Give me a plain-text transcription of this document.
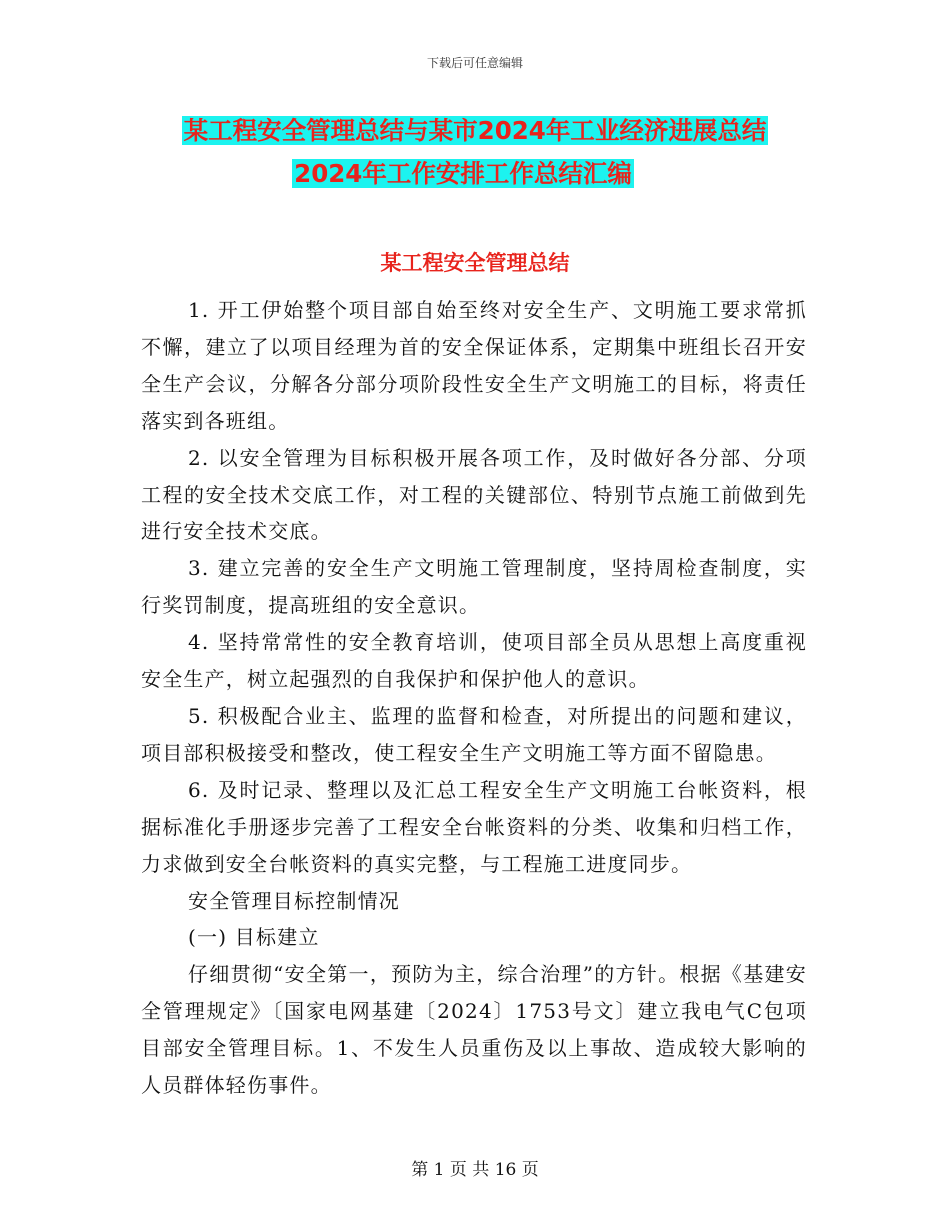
下载后可任意编辑
某工程安全管理总结与某市2024年工业经济进展总结
2024年工作安排工作总结汇编
某工程安全管理总结

1. 开工伊始整个项目部自始至终对安全生产、文明施工要求常抓不懈，建立了以项目经理为首的安全保证体系，定期集中班组长召开安全生产会议，分解各分部分项阶段性安全生产文明施工的目标，将责任落实到各班组。

2. 以安全管理为目标积极开展各项工作，及时做好各分部、分项工程的安全技术交底工作，对工程的关键部位、特别节点施工前做到先进行安全技术交底。

3. 建立完善的安全生产文明施工管理制度，坚持周检查制度，实行奖罚制度，提高班组的安全意识。

4. 坚持常常性的安全教育培训，使项目部全员从思想上高度重视安全生产，树立起强烈的自我保护和保护他人的意识。

5. 积极配合业主、监理的监督和检查，对所提出的问题和建议，项目部积极接受和整改，使工程安全生产文明施工等方面不留隐患。

6. 及时记录、整理以及汇总工程安全生产文明施工台帐资料，根据标准化手册逐步完善了工程安全台帐资料的分类、收集和归档工作，力求做到安全台帐资料的真实完整，与工程施工进度同步。

安全管理目标控制情况

(一) 目标建立

仔细贯彻“安全第一，预防为主，综合治理”的方针。根据《基建安全管理规定》〔国家电网基建〔2024〕1753号文〕建立我电气C包项目部安全管理目标。1、不发生人员重伤及以上事故、造成较大影响的人员群体轻伤事件。

第 1 页 共 16 页
